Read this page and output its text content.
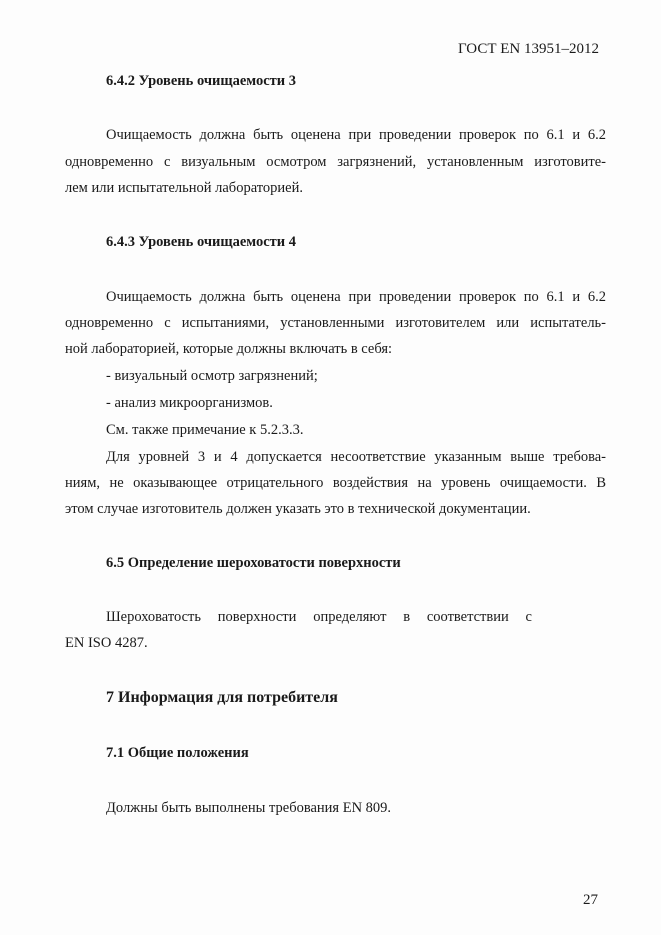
ГОСТ EN 13951–2012
6.4.2 Уровень очищаемости 3
Очищаемость должна быть оценена при проведении проверок по 6.1 и 6.2
одновременно с визуальным осмотром загрязнений, установленным изготовите-
лем или испытательной лабораторией.
6.4.3 Уровень очищаемости 4
Очищаемость должна быть оценена при проведении проверок по 6.1 и 6.2
одновременно с испытаниями, установленными изготовителем или испытатель-
ной лабораторией, которые должны включать в себя:
- визуальный осмотр загрязнений;
- анализ микроорганизмов.
См. также примечание к 5.2.3.3.
Для уровней 3 и 4 допускается несоответствие указанным выше требова-
ниям, не оказывающее отрицательного воздействия на уровень очищаемости. В
этом случае изготовитель должен указать это в технической документации.
6.5 Определение шероховатости поверхности
Шероховатость поверхности определяют в соответствии с
EN ISO 4287.
7 Информация для потребителя
7.1 Общие положения
Должны быть выполнены требования EN 809.
27
